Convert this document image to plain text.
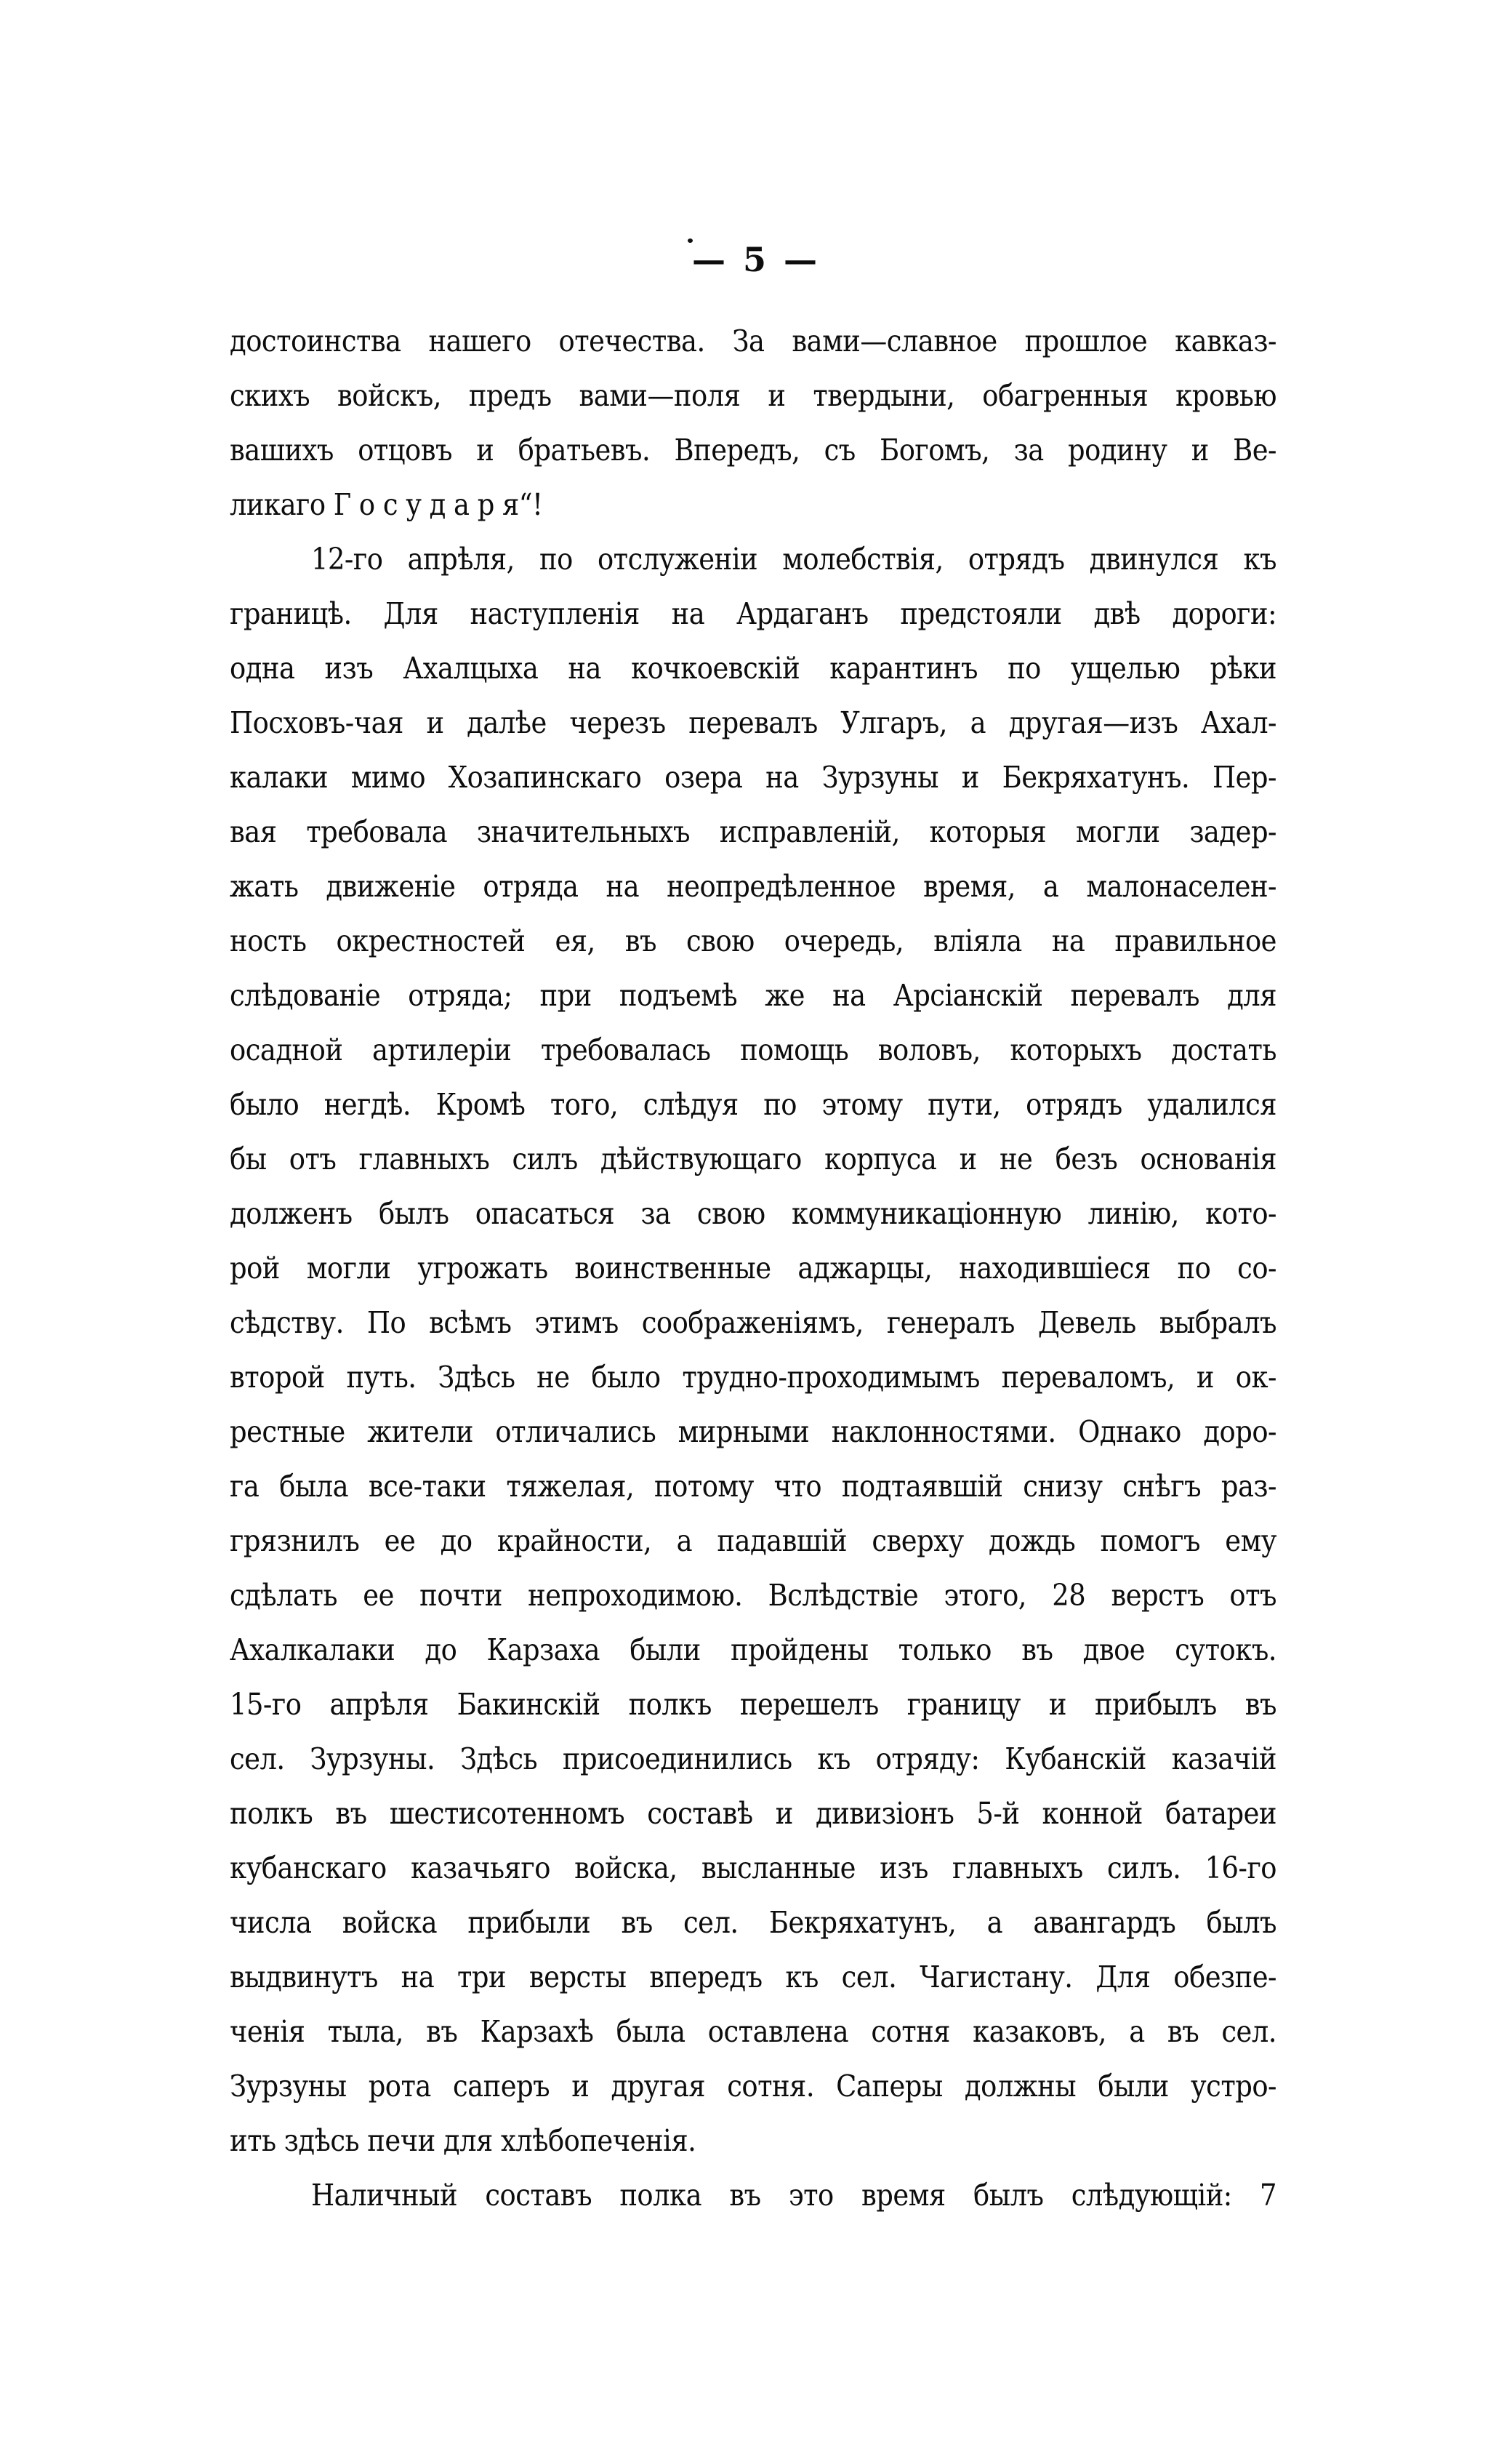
— 5 —
достоинства нашего отечества. За вами—славное прошлое кавказ-
скихъ войскъ, предъ вами—поля и твердыни, обагренныя кровью
вашихъ отцовъ и братьевъ. Впередъ, съ Богомъ, за родину и Ве-
ликаго Г о с у д а р я“!
12-го апрѣля, по отслуженіи молебствія, отрядъ двинулся къ
границѣ. Для наступленія на Ардаганъ предстояли двѣ дороги:
одна изъ Ахалцыха на кочкоевскій карантинъ по ущелью рѣки
Посховъ-чая и далѣе черезъ перевалъ Улгаръ, а другая—изъ Ахал-
калаки мимо Хозапинскаго озера на Зурзуны и Бекряхатунъ. Пер-
вая требовала значительныхъ исправленій, которыя могли задер-
жать движеніе отряда на неопредѣленное время, а малонаселен-
ность окрестностей ея, въ свою очередь, вліяла на правильное
слѣдованіе отряда; при подъемѣ же на Арсіанскій перевалъ для
осадной артилеріи требовалась помощь воловъ, которыхъ достать
было негдѣ. Кромѣ того, слѣдуя по этому пути, отрядъ удалился
бы отъ главныхъ силъ дѣйствующаго корпуса и не безъ основанія
долженъ былъ опасаться за свою коммуникаціонную линію, кото-
рой могли угрожать воинственные аджарцы, находившіеся по со-
сѣдству. По всѣмъ этимъ соображеніямъ, генералъ Девель выбралъ
второй путь. Здѣсь не было трудно-проходимымъ переваломъ, и ок-
рестные жители отличались мирными наклонностями. Однако доро-
га была все-таки тяжелая, потому что подтаявшій снизу снѣгъ раз-
грязнилъ ее до крайности, а падавшій сверху дождь помогъ ему
сдѣлать ее почти непроходимою. Вслѣдствіе этого, 28 верстъ отъ
Ахалкалаки до Карзаха были пройдены только въ двое сутокъ.
15-го апрѣля Бакинскій полкъ перешелъ границу и прибылъ въ
сел. Зурзуны. Здѣсь присоединились къ отряду: Кубанскій казачій
полкъ въ шестисотенномъ составѣ и дивизіонъ 5-й конной батареи
кубанскаго казачьяго войска, высланные изъ главныхъ силъ. 16-го
числа войска прибыли въ сел. Бекряхатунъ, а авангардъ былъ
выдвинутъ на три версты впередъ къ сел. Чагистану. Для обезпе-
ченія тыла, въ Карзахѣ была оставлена сотня казаковъ, а въ сел.
Зурзуны рота саперъ и другая сотня. Саперы должны были устро-
ить здѣсь печи для хлѣбопеченія.
Наличный составъ полка въ это время былъ слѣдующій: 7
